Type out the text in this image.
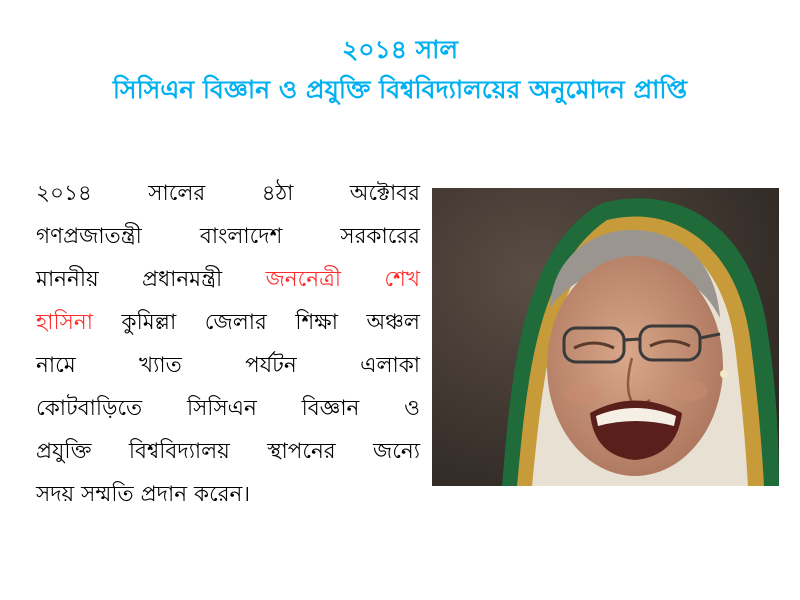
২০১৪ সাল
সিসিএন বিজ্ঞান ও প্রযুক্তি বিশ্ববিদ্যালয়ের অনুমোদন প্রাপ্তি
২০১৪	সালের	৪ঠা	অক্টোবর
গণপ্রজাতন্ত্রী	বাংলাদেশ	সরকারের
মাননীয় প্রধানমন্ত্রী জননেত্রী শেখ
হাসিনা কুমিল্লা জেলার শিক্ষা অঞ্চল
নামে	খ্যাত	পর্যটন	এলাকা
কোটবাড়িতে সিসিএন বিজ্ঞান ও
প্রযুক্তি বিশ্ববিদ্যালয় স্থাপনের জন্যে
সদয় সম্মতি প্রদান করেন।
